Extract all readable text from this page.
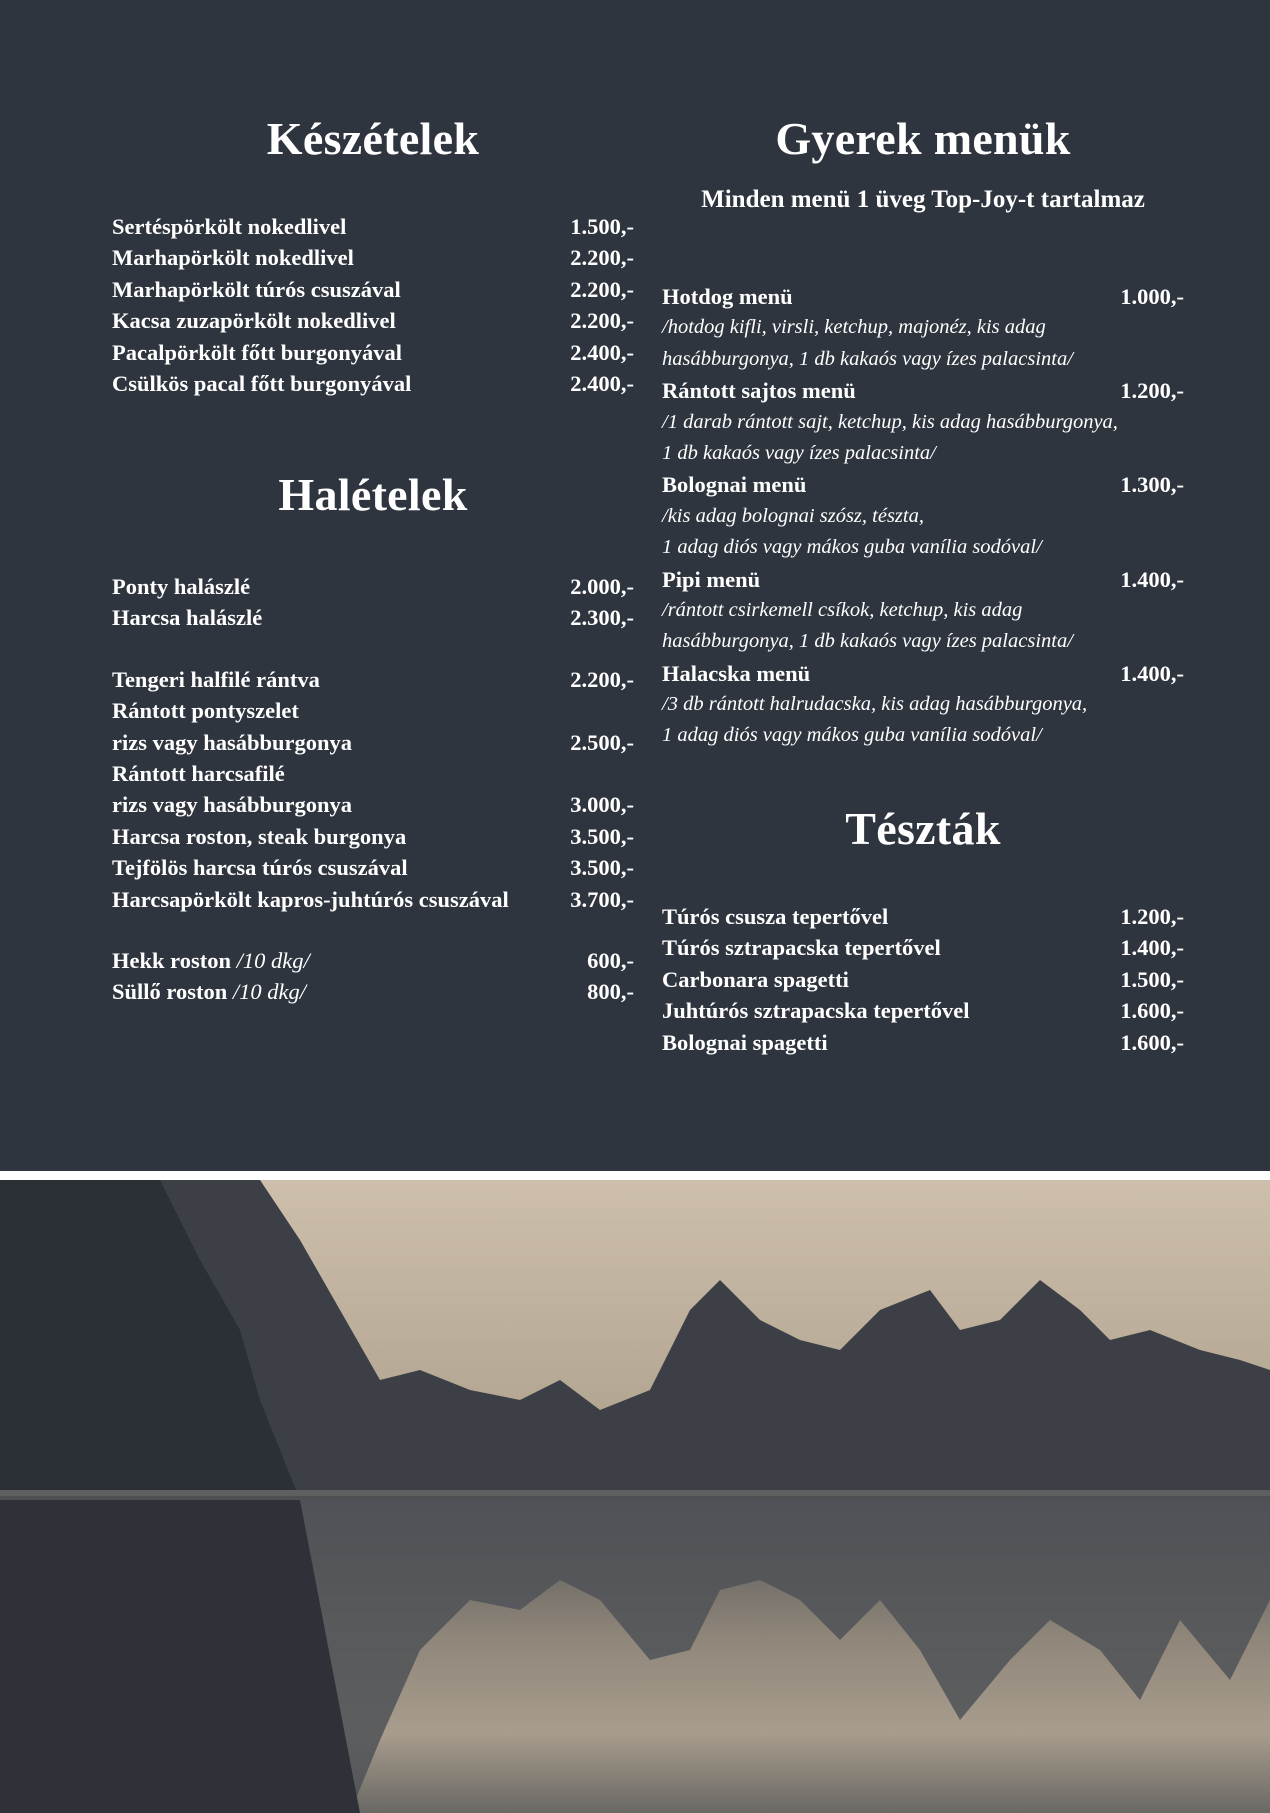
Készételek
Sertéspörkölt nokedlivel	1.500,-
Marhapörkölt nokedlivel	2.200,-
Marhapörkölt túrós csuszával	2.200,-
Kacsa zuzapörkölt nokedlivel	2.200,-
Pacalpörkölt főtt burgonyával	2.400,-
Csülkös pacal főtt burgonyával	2.400,-
Halételek
Ponty halászlé	2.000,-
Harcsa halászlé	2.300,-
Tengeri halfilé rántva	2.200,-
Rántott pontyszelet
rizs vagy hasábburgonya	2.500,-
Rántott harcsafilé
rizs vagy hasábburgonya	3.000,-
Harcsa roston, steak burgonya	3.500,-
Tejfölös harcsa túrós csuszával	3.500,-
Harcsapörkölt kapros-juhtúrós csuszával	3.700,-
Hekk roston /10 dkg/	600,-
Süllő roston /10 dkg/	800,-
Gyerek menük
Minden menü 1 üveg Top-Joy-t tartalmaz
Hotdog menü	1.000,-
/hotdog kifli, virsli, ketchup, majonéz, kis adag
hasábburgonya, 1 db kakaós vagy ízes palacsinta/
Rántott sajtos menü	1.200,-
/1 darab rántott sajt, ketchup, kis adag hasábburgonya,
1 db kakaós vagy ízes palacsinta/
Bolognai menü	1.300,-
/kis adag bolognai szósz, tészta,
1 adag diós vagy mákos guba vanília sodóval/
Pipi menü	1.400,-
/rántott csirkemell csíkok, ketchup, kis adag
hasábburgonya, 1 db kakaós vagy ízes palacsinta/
Halacska menü	1.400,-
/3 db rántott halrudacska, kis adag hasábburgonya,
1 adag diós vagy mákos guba vanília sodóval/
Tészták
Túrós csusza tepertővel	1.200,-
Túrós sztrapacska tepertővel	1.400,-
Carbonara spagetti	1.500,-
Juhtúrós sztrapacska tepertővel	1.600,-
Bolognai spagetti	1.600,-
